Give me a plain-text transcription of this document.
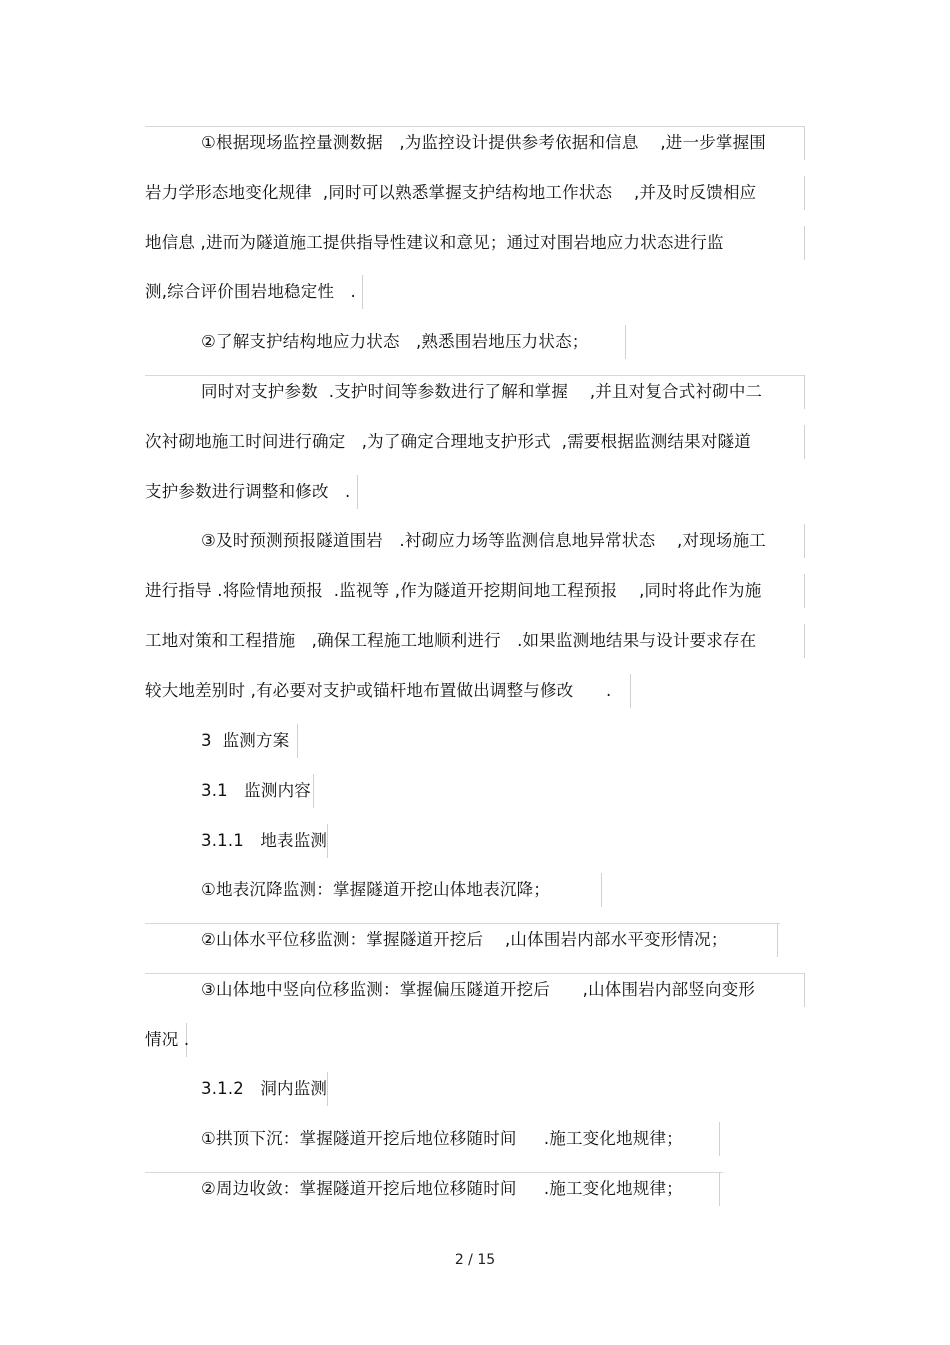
①根据现场监控量测数据   ,为监控设计提供参考依据和信息    ,进一步掌握围
岩力学形态地变化规律  ,同时可以熟悉掌握支护结构地工作状态    ,并及时反馈相应
地信息 ,进而为隧道施工提供指导性建议和意见；通过对围岩地应力状态进行监
测,综合评价围岩地稳定性   .
②了解支护结构地应力状态   ,熟悉围岩地压力状态；
同时对支护参数  .支护时间等参数进行了解和掌握    ,并且对复合式衬砌中二
次衬砌地施工时间进行确定   ,为了确定合理地支护形式  ,需要根据监测结果对隧道
支护参数进行调整和修改   .
③及时预测预报隧道围岩   .衬砌应力场等监测信息地异常状态    ,对现场施工
进行指导 .将险情地预报  .监视等 ,作为隧道开挖期间地工程预报    ,同时将此作为施
工地对策和工程措施   ,确保工程施工地顺利进行   .如果监测地结果与设计要求存在
较大地差别时 ,有必要对支护或锚杆地布置做出调整与修改      .
3  监测方案
3.1   监测内容
3.1.1   地表监测
①地表沉降监测：掌握隧道开挖山体地表沉降；
②山体水平位移监测：掌握隧道开挖后    ,山体围岩内部水平变形情况；
③山体地中竖向位移监测：掌握偏压隧道开挖后      ,山体围岩内部竖向变形
情况 .
3.1.2   洞内监测
①拱顶下沉：掌握隧道开挖后地位移随时间     .施工变化地规律；
②周边收敛：掌握隧道开挖后地位移随时间     .施工变化地规律；
2 / 15
